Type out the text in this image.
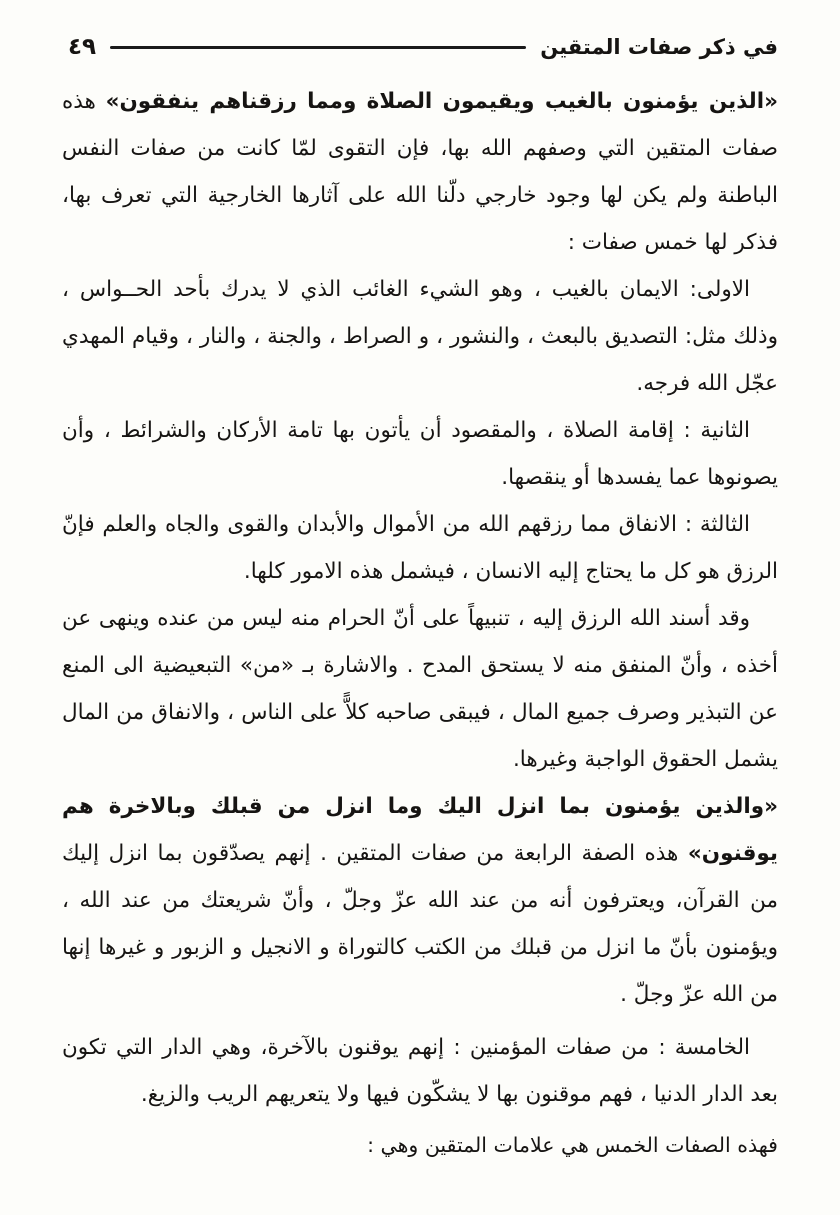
في ذكر صفات المتقين
٤٩

«الذين يؤمنون بالغيب ويقيمون الصلاة ومما رزقناهم ينفقون» هذه صفات المتقين التي وصفهم الله بها، فإن التقوى لمّا كانت من صفات النفس الباطنة ولم يكن لها وجود خارجي دلّنا الله على آثارها الخارجية التي تعرف بها، فذكر لها خمس صفات :

الاولى: الايمان بالغيب ، وهو الشيء الغائب الذي لا يدرك بأحد الحــواس ، وذلك مثل: التصديق بالبعث ، والنشور ، و الصراط ، والجنة ، والنار ، وقيام المهدي عجّل الله فرجه.

الثانية : إقامة الصلاة ، والمقصود أن يأتون بها تامة الأركان والشرائط ، وأن يصونوها عما يفسدها أو ينقصها.

الثالثة : الانفاق مما رزقهم الله من الأموال والأبدان والقوى والجاه والعلم فإنّ الرزق هو كل ما يحتاج إليه الانسان ، فيشمل هذه الامور كلها.

وقد أسند الله الرزق إليه ، تنبيهاً على أنّ الحرام منه ليس من عنده وينهى عن أخذه ، وأنّ المنفق منه لا يستحق المدح . والاشارة بـ «من» التبعيضية الى المنع عن التبذير وصرف جميع المال ، فيبقى صاحبه كلاًّ على الناس ، والانفاق من المال يشمل الحقوق الواجبة وغيرها.

«والذين يؤمنون بما انزل اليك وما انزل من قبلك وبالاخرة هم يوقنون» هذه الصفة الرابعة من صفات المتقين . إنهم يصدّقون بما انزل إليك من القرآن، ويعترفون أنه من عند الله عزّ وجلّ ، وأنّ شريعتك من عند الله ، ويؤمنون بأنّ ما انزل من قبلك من الكتب كالتوراة و الانجيل و الزبور و غيرها إنها من الله عزّ وجلّ .

الخامسة : من صفات المؤمنين : إنهم يوقنون بالآخرة، وهي الدار التي تكون بعد الدار الدنيا ، فهم موقنون بها لا يشكّون فيها ولا يتعريهم الريب والزيغ.

فهذه الصفات الخمس هي علامات المتقين وهي :
